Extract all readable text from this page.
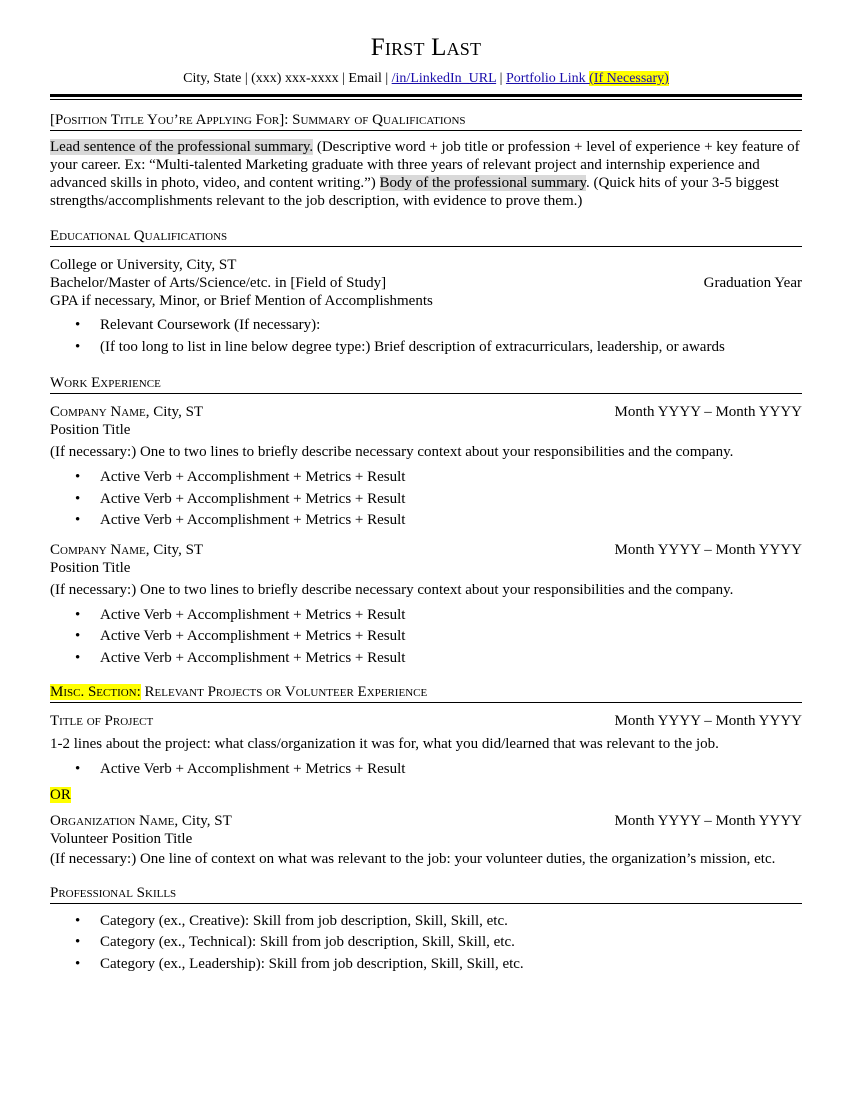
First Last
City, State | (xxx) xxx-xxxx | Email | /in/LinkedIn_URL | Portfolio Link (If Necessary)
[Position Title You’re Applying For]: Summary of Qualifications

Lead sentence of the professional summary. (Descriptive word + job title or profession + level of experience + key feature of your career. Ex: “Multi-talented Marketing graduate with three years of relevant project and internship experience and advanced skills in photo, video, and content writing.”) Body of the professional summary. (Quick hits of your 3-5 biggest strengths/accomplishments relevant to the job description, with evidence to prove them.)

Educational Qualifications

College or University, City, ST

Bachelor/Master of Arts/Science/etc. in [Field of Study]	Graduation Year

GPA if necessary, Minor, or Brief Mention of Accomplishments

• Relevant Coursework (If necessary):
• (If too long to list in line below degree type:) Brief description of extracurriculars, leadership, or awards
Work Experience
Company Name, City, ST	Month YYYY – Month YYYY

Position Title

(If necessary:) One to two lines to briefly describe necessary context about your responsibilities and the company.

• Active Verb + Accomplishment + Metrics + Result
• Active Verb + Accomplishment + Metrics + Result
• Active Verb + Accomplishment + Metrics + Result
Company Name, City, ST	Month YYYY – Month YYYY

Position Title

(If necessary:) One to two lines to briefly describe necessary context about your responsibilities and the company.

• Active Verb + Accomplishment + Metrics + Result
• Active Verb + Accomplishment + Metrics + Result
• Active Verb + Accomplishment + Metrics + Result
Misc. Section: Relevant Projects or Volunteer Experience
Title of Project	Month YYYY – Month YYYY

1-2 lines about the project: what class/organization it was for, what you did/learned that was relevant to the job.

• Active Verb + Accomplishment + Metrics + Result

OR

Organization Name, City, ST	Month YYYY – Month YYYY

Volunteer Position Title

(If necessary:) One line of context on what was relevant to the job: your volunteer duties, the organization’s mission, etc.

Professional Skills
• Category (ex., Creative): Skill from job description, Skill, Skill, etc.
• Category (ex., Technical): Skill from job description, Skill, Skill, etc.
• Category (ex., Leadership): Skill from job description, Skill, Skill, etc.
